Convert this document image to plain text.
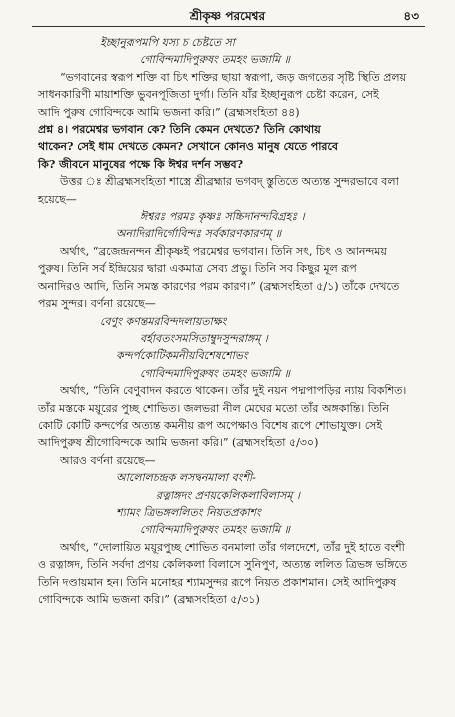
শ্রীকৃষ্ণ পরমেশ্বর	৪৩

ইচ্ছানুরূপমপি যস্য চ চেষ্টতে সা

গোবিন্দমাদিপুরুষং তমহং ভজামি ॥

“ভগবানের স্বরূপ শক্তি বা চিৎ শক্তির ছায়া স্বরূপা, জড় জগতের সৃষ্টি স্থিতি প্রলয়

সাধনকারিণী মায়াশক্তি ভুবনপূজিতা দুর্গা। তিনি যাঁর ইচ্ছানুরূপ চেষ্টা করেন, সেই

আদি পুরুষ গোবিন্দকে আমি ভজনা করি।” (ব্রহ্মসংহিতা ৪৪)

প্রশ্ন ৪। পরমেশ্বর ভগবান কে? তিনি কেমন দেখতে? তিনি কোথায়

থাকেন? সেই ধাম দেখতে কেমন? সেখানে কোনও মানুষ যেতে পারবে

কি? জীবনে মানুষের পক্ষে কি ঈশ্বর দর্শন সম্ভব?

উত্তর ঃ শ্রীব্রহ্মসংহিতা শাস্ত্রে শ্রীব্রহ্মার ভগবদ্ স্তুতিতে অত্যন্ত সুন্দরভাবে বলা

হয়েছে—

ঈশ্বরঃ পরমঃ কৃষ্ণঃ সচ্চিদানন্দবিগ্রহঃ ।

অনাদিরাদির্গোবিন্দঃ সর্বকারণকারণম্ ॥

অর্থাৎ, “ব্রজেন্দ্রনন্দন শ্রীকৃষ্ণই পরমেশ্বর ভগবান। তিনি সৎ, চিৎ ও আনন্দময়

পুরুষ। তিনি সর্ব ইন্দ্রিয়ের দ্বারা একমাত্র সেব্য প্রভু। তিনি সব কিছুর মূল রূপ

অনাদিরও আদি, তিনি সমস্ত কারণের পরম কারণ।” (ব্রহ্মসংহিতা ৫/১) তাঁকে দেখতে

পরম সুন্দর। বর্ণনা রয়েছে—

বেণুং কণন্তমরবিন্দদলায়তাক্ষং

বর্হাবতংসমসিতাম্বুদসুন্দরাঙ্গম্ ।

কন্দর্পকোটিকমনীয়বিশেষশোভং

গোবিন্দমাদিপুরুষং তমহং ভজামি ॥

অর্থাৎ, “তিনি বেণুবাদন করতে থাকেন। তাঁর দুই নয়ন পদ্মপাপড়ির ন্যায় বিকশিত।

তাঁর মস্তকে ময়ূরের পুচ্ছ শোভিত। জলভরা নীল মেঘের মতো তাঁর অঙ্গকান্তি। তিনি

কোটি কোটি কন্দর্পের অত্যন্ত কমনীয় রূপ অপেক্ষাও বিশেষ রূপে শোভাযুক্ত। সেই

আদিপুরুষ শ্রীগোবিন্দকে আমি ভজনা করি।” (ব্রহ্মসংহিতা ৫/৩০)

আরও বর্ণনা রয়েছে—

আলোলচন্দ্রক লসদ্বনমালা বংশী-

রত্নাঙ্গদং প্রণয়কেলিকলাবিলাসম্ ।

শ্যামং ত্রিভঙ্গললিতং নিয়তপ্রকাশং

গোবিন্দমাদিপুরুষং তমহং ভজামি ॥

অর্থাৎ, “দোলায়িত ময়ূরপুচ্ছ শোভিত বনমালা তাঁর গলদেশে, তাঁর দুই হাতে বংশী

ও রত্নাঙ্গদ, তিনি সর্বদা প্রণয় কেলিকলা বিলাসে সুনিপুণ, অত্যন্ত ললিত ত্রিভঙ্গ ভঙ্গিতে

তিনি দণ্ডায়মান হন। তিনি মনোহর শ্যামসুন্দর রূপে নিয়ত প্রকাশমান। সেই আদিপুরুষ

গোবিন্দকে আমি ভজনা করি।” (ব্রহ্মসংহিতা ৫/৩১)
